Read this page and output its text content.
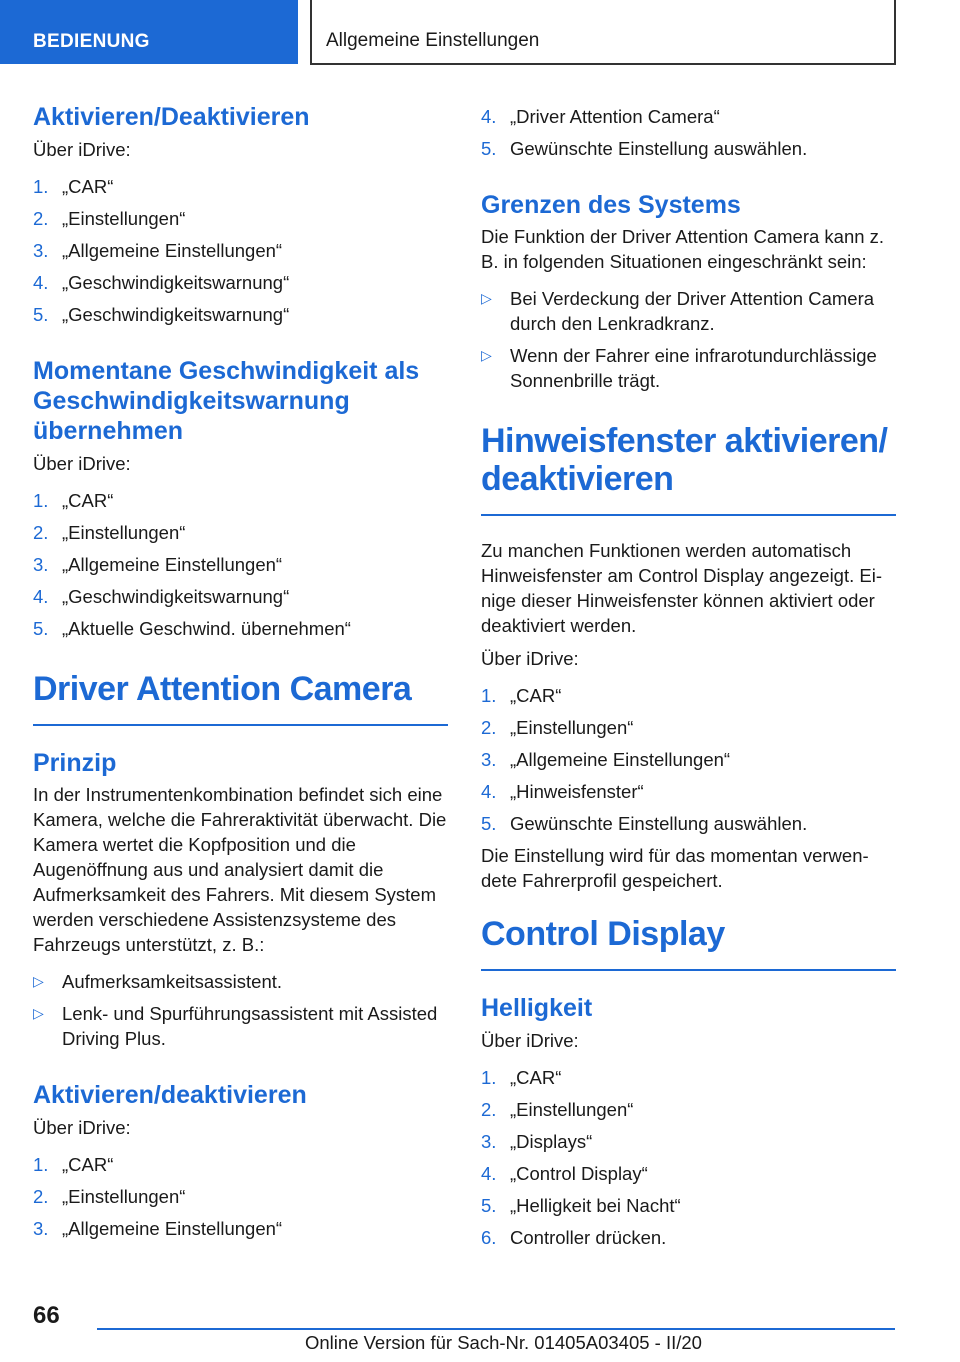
BEDIENUNG	Allgemeine Einstellungen
Aktivieren/Deaktivieren

Über iDrive:

1. „CAR“
2. „Einstellungen“
3. „Allgemeine Einstellungen“
4. „Geschwindigkeitswarnung“
5. „Geschwindigkeitswarnung“
Momentane Geschwindigkeit als Geschwindigkeitswarnung übernehmen

Über iDrive:

1. „CAR“
2. „Einstellungen“
3. „Allgemeine Einstellungen“
4. „Geschwindigkeitswarnung“
5. „Aktuelle Geschwind. übernehmen“
Driver Attention Camera
Prinzip

In der Instrumentenkombination befindet sich eine Kamera, welche die Fahreraktivität überwacht. Die Kamera wertet die Kopfposition und die Augenöffnung aus und analysiert damit die Aufmerksamkeit des Fahrers. Mit diesem System werden verschiedene Assistenzsysteme des Fahrzeugs unterstützt, z. B.:

▷ Aufmerksamkeitsassistent.
▷ Lenk- und Spurführungsassistent mit Assisted Driving Plus.
Aktivieren/deaktivieren

Über iDrive:

1. „CAR“
2. „Einstellungen“
3. „Allgemeine Einstellungen“
4. „Driver Attention Camera“
5. Gewünschte Einstellung auswählen.
Grenzen des Systems

Die Funktion der Driver Attention Camera kann z. B. in folgenden Situationen eingeschränkt sein:

▷ Bei Verdeckung der Driver Attention Camera durch den Lenkradkranz.
▷ Wenn der Fahrer eine infrarotundurchlässige Sonnenbrille trägt.
Hinweisfenster aktivieren/ deaktivieren

Zu manchen Funktionen werden automatisch Hinweisfenster am Control Display angezeigt. Einige dieser Hinweisfenster können aktiviert oder deaktiviert werden.

Über iDrive:

1. „CAR“
2. „Einstellungen“
3. „Allgemeine Einstellungen“
4. „Hinweisfenster“
5. Gewünschte Einstellung auswählen.

Die Einstellung wird für das momentan verwendete Fahrerprofil gespeichert.

Control Display
Helligkeit

Über iDrive:

1. „CAR“
2. „Einstellungen“
3. „Displays“
4. „Control Display“
5. „Helligkeit bei Nacht“
6. Controller drücken.
66
Online Version für Sach-Nr. 01405A03405 - II/20
